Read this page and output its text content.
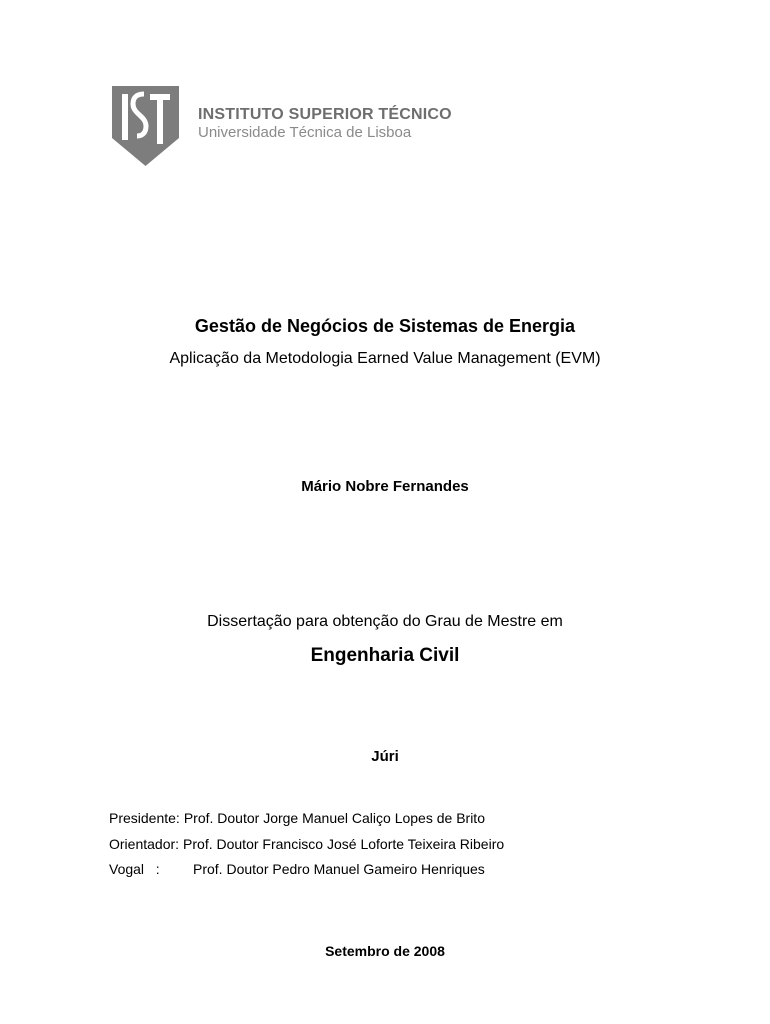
INSTITUTO SUPERIOR TÉCNICO
Universidade Técnica de Lisboa
Gestão de Negócios de Sistemas de Energia
Aplicação da Metodologia Earned Value Management (EVM)
Mário Nobre Fernandes
Dissertação para obtenção do Grau de Mestre em
Engenharia Civil
Júri
Presidente: Prof. Doutor Jorge Manuel Caliço Lopes de Brito
Orientador: Prof. Doutor Francisco José Loforte Teixeira Ribeiro
Vogal   :	Prof. Doutor Pedro Manuel Gameiro Henriques
Setembro de 2008
